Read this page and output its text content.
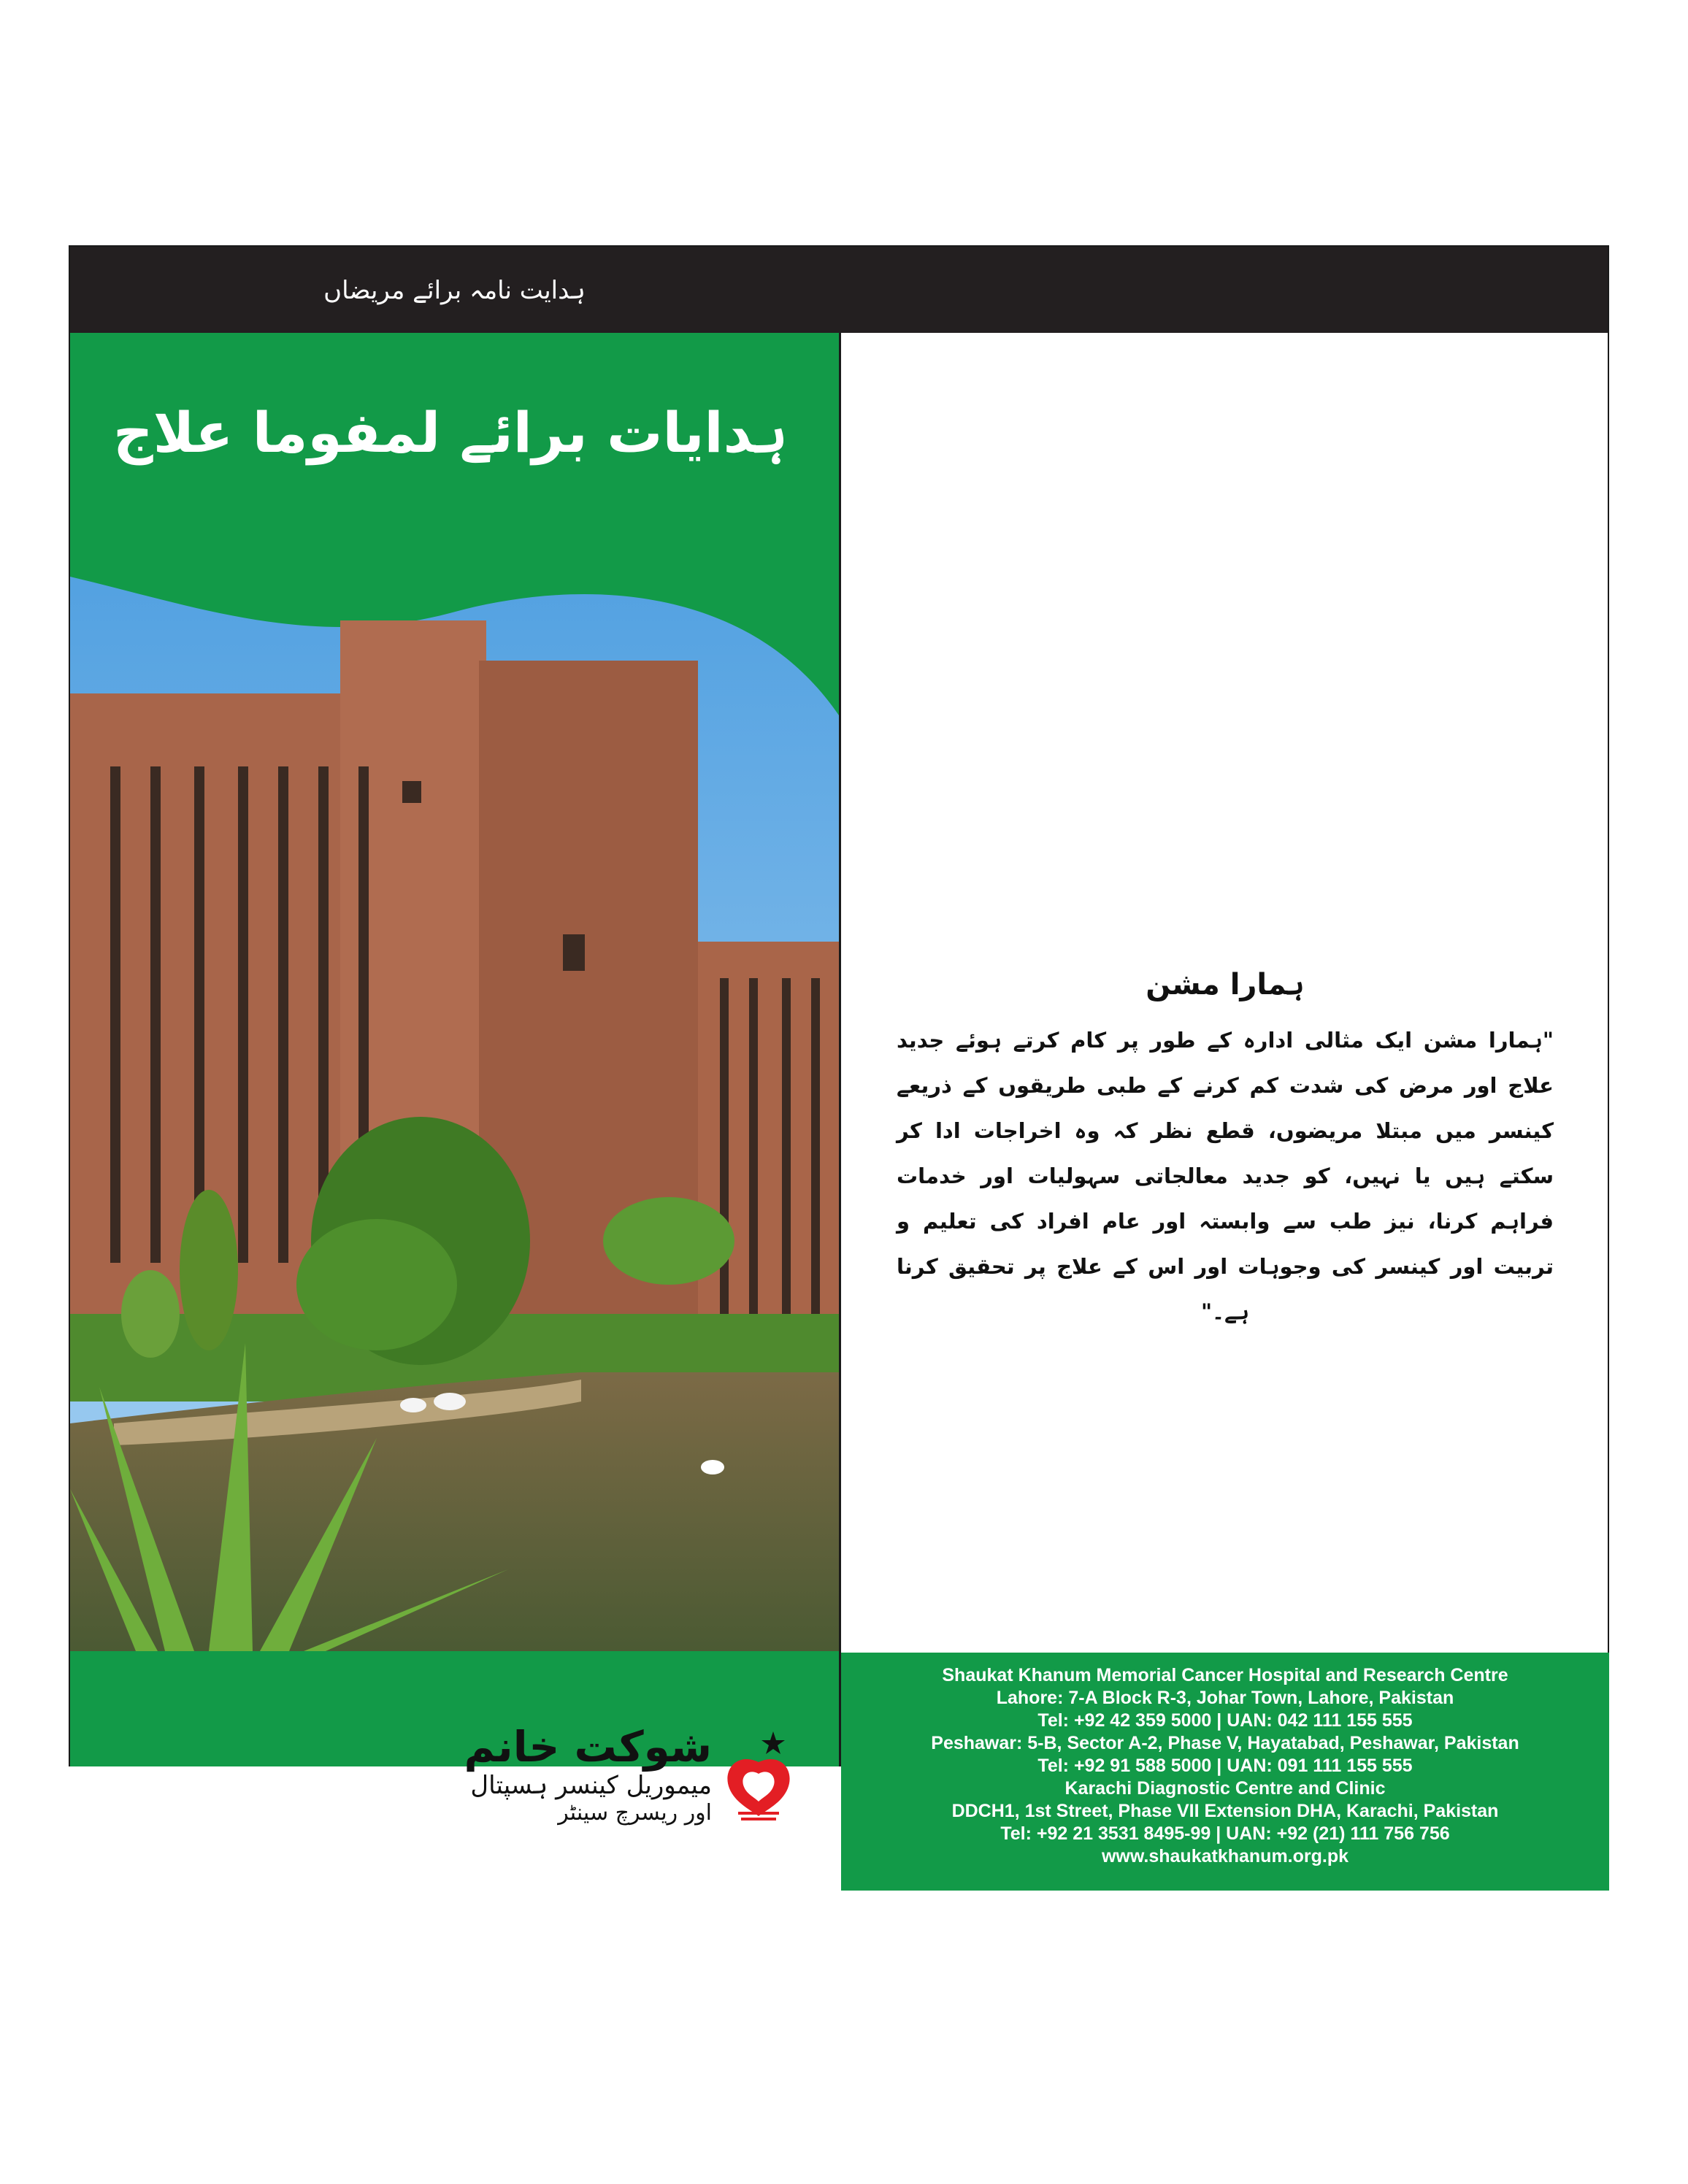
ہدایت نامہ برائے مریضاں
ہدایات برائے لمفوما علاج
شوکت خانم
میموریل کینسر ہسپتال
اور ریسرچ سینٹر
ہمارا مشن
"ہمارا مشن ایک مثالی ادارہ کے طور پر کام کرتے ہوئے جدید علاج اور مرض کی شدت کم کرنے کے طبی طریقوں کے ذریعے کینسر میں مبتلا مریضوں، قطع نظر کہ وہ اخراجات ادا کر سکتے ہیں یا نہیں، کو جدید معالجاتی سہولیات اور خدمات فراہم کرنا، نیز طب سے وابستہ اور عام افراد کی تعلیم و تربیت اور کینسر کی وجوہات اور اس کے علاج پر تحقیق کرنا ہے۔"
Shaukat Khanum Memorial Cancer Hospital and Research Centre
Lahore: 7-A Block R-3, Johar Town, Lahore, Pakistan
Tel: +92 42 359 5000 | UAN: 042 111 155 555
Peshawar: 5-B, Sector A-2, Phase V, Hayatabad, Peshawar, Pakistan
Tel: +92 91 588 5000 | UAN: 091 111 155 555
Karachi Diagnostic Centre and Clinic
DDCH1, 1st Street, Phase VII Extension DHA, Karachi, Pakistan
Tel: +92 21 3531 8495-99 | UAN: +92 (21) 111 756 756
www.shaukatkhanum.org.pk
